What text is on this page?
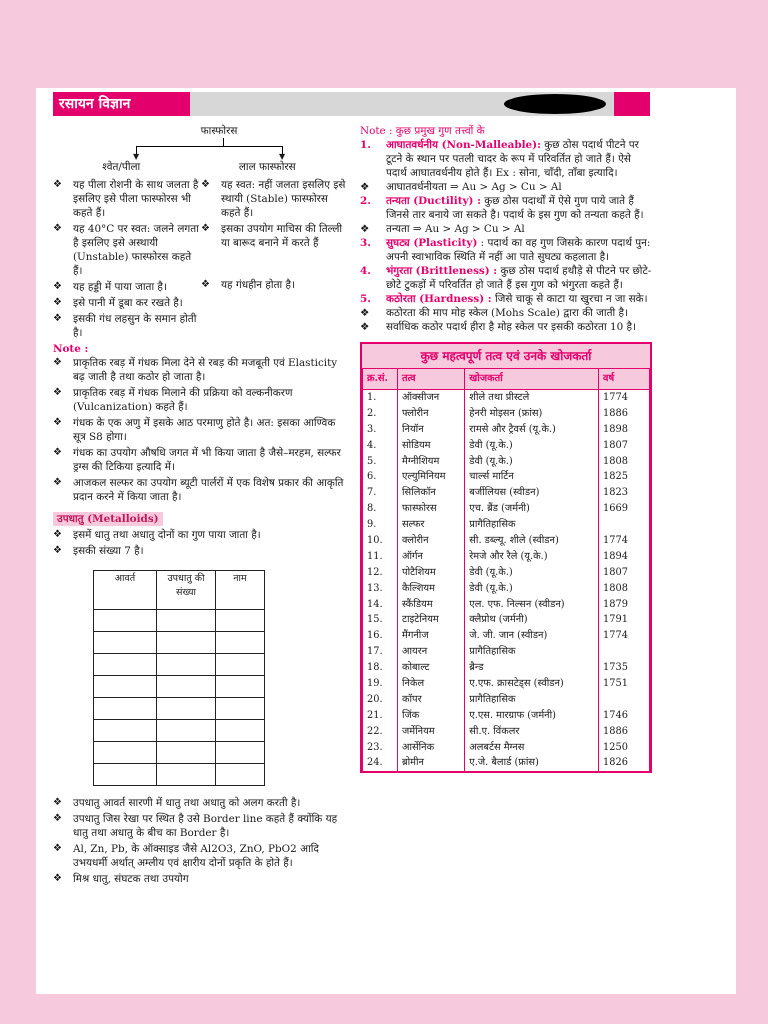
रसायन विज्ञान
फास्फोरस
▼	▼
श्वेत/पीला	लाल फास्फोरस
❖ यह पीला रोशनी के साथ जलता है इसलिए इसे पीला फास्फोरस भी कहते हैं।
❖ यह 40°C पर स्वत: जलने लगता है इसलिए इसे अस्थायी (Unstable) फास्फोरस कहते हैं।
❖ यह हड्डी में पाया जाता है।
❖ इसे पानी में डूबा कर रखते है।
❖ इसकी गंध लहसुन के समान होती है।
❖ यह स्वत: नहीं जलता इसलिए इसे स्थायी (Stable) फास्फोरस कहते हैं।
❖ इसका उपयोग माचिस की तिल्ली या बारूद बनाने में करते हैं
❖ यह गंधहीन होता है।
Note :
❖ प्राकृतिक रबड़ में गंधक मिला देने से रबड़ की मजबूती एवं Elasticity बढ़ जाती है तथा कठोर हो जाता है।
❖ प्राकृतिक रबड़ में गंधक मिलाने की प्रक्रिया को वल्कनीकरण (Vulcanization) कहते हैं।
❖ गंधक के एक अणु में इसके आठ परमाणु होते है। अत: इसका आण्विक सूत्र S8 होगा।
❖ गंधक का उपयोग औषधि जगत में भी किया जाता है जैसे–मरहम, सल्फर ड्रग्स की टिकिया इत्यादि में।
❖ आजकल सल्फर का उपयोग ब्यूटी पार्लरों में एक विशेष प्रकार की आकृति प्रदान करने में किया जाता है।
उपधातु (Metalloids)
❖ इसमें धातु तथा अधातु दोनों का गुण पाया जाता है।
❖ इसकी संख्या 7 है।
आवर्त	उपधातु की संख्या	नाम

❖ उपधातु आवर्त सारणी में धातु तथा अधातु को अलग करती है।
❖ उपधातु जिस रेखा पर स्थित है उसे Border line कहते हैं क्योंकि यह धातु तथा अधातु के बीच का Border है।
❖ Al, Zn, Pb, के ऑक्साइड जैसे Al2O3, ZnO, PbO2 आदि उभयधर्मी अर्थात् अम्लीय एवं क्षारीय दोनों प्रकृति के होते हैं।
❖ मिश्र धातु, संघटक तथा उपयोग
Note : कुछ प्रमुख गुण तत्त्वों के
1.	आघातवर्धनीय (Non-Malleable): कुछ ठोस पदार्थ पीटने पर टूटने के स्थान पर पतली चादर के रूप में परिवर्तित हो जाते हैं। ऐसे पदार्थ आघातवर्धनीय होते हैं। Ex : सोना, चाँदी, ताँबा इत्यादि।
❖	आघातवर्धनीयता ⇒ Au > Ag > Cu > Al
2.	तन्यता (Ductility) : कुछ ठोस पदार्थों में ऐसे गुण पाये जाते हैं जिनसे तार बनाये जा सकते है। पदार्थ के इस गुण को तन्यता कहते हैं।
❖	तन्यता ⇒ Au > Ag > Cu > Al
3.	सुघट्य (Plasticity) : पदार्थ का वह गुण जिसके कारण पदार्थ पुन: अपनी स्वाभाविक स्थिति में नहीं आ पाते सुघट्य कहलाता है।
4.	भंगुरता (Brittleness) : कुछ ठोस पदार्थ हथौड़े से पीटने पर छोटे-छोटे टुकड़ों में परिवर्तित हो जाते हैं इस गुण को भंगुरता कहते हैं।
5.	कठोरता (Hardness) : जिसे चाकू से काटा या खुरचा न जा सके।
❖	कठोरता की माप मोह स्केल (Mohs Scale) द्वारा की जाती है।
❖	सर्वाधिक कठोर पदार्थ हीरा है मोह स्केल पर इसकी कठोरता 10 है।
कुछ महत्वपूर्ण तत्व एवं उनके खोजकर्ता
क्र.सं.	तत्व	खोजकर्ता	वर्ष
1.	ऑक्सीजन	शीले तथा प्रीस्टले	1774
2.	फ्लोरीन	हेनरी मोइसन (फ्रांस)	1886
3.	नियॉन	रामसे और ट्रैवर्स (यू.के.)	1898
4.	सोडियम	डेवी (यू.के.)	1807
5.	मैग्नीशियम	डेवी (यू.के.)	1808
6.	एल्युमिनियम	चार्ल्स मार्टिन	1825
7.	सिलिकॉन	बर्जीलियस (स्वीडन)	1823
8.	फास्फोरस	एच. ब्रैंड (जर्मनी)	1669
9.	सल्फर	प्रागैतिहासिक	
10.	क्लोरीन	सी. डब्ल्यू. शीले (स्वीडन)	1774
11.	ऑर्गन	रेमजे और रैले (यू.के.)	1894
12.	पोटैशियम	डेवी (यू.के.)	1807
13.	कैल्शियम	डेवी (यू.के.)	1808
14.	स्कैंडियम	एल. एफ. निल्सन (स्वीडन)	1879
15.	टाइटेनियम	क्लैप्रोथ (जर्मनी)	1791
16.	मैंगनीज	जे. जी. जान (स्वीडन)	1774
17.	आयरन	प्रागैतिहासिक	
18.	कोबाल्ट	ब्रैन्ड	1735
19.	निकेल	ए.एफ. क्रासटेड्स (स्वीडन)	1751
20.	कॉपर	प्रागैतिहासिक	
21.	जिंक	ए.एस. मारग्राफ (जर्मनी)	1746
22.	जर्मेनियम	सी.ए. विंकलर	1886
23.	आर्सेनिक	अलबर्टस मैग्नस	1250
24.	ब्रोमीन	ए.जे. बैलार्ड (फ्रांस)	1826
